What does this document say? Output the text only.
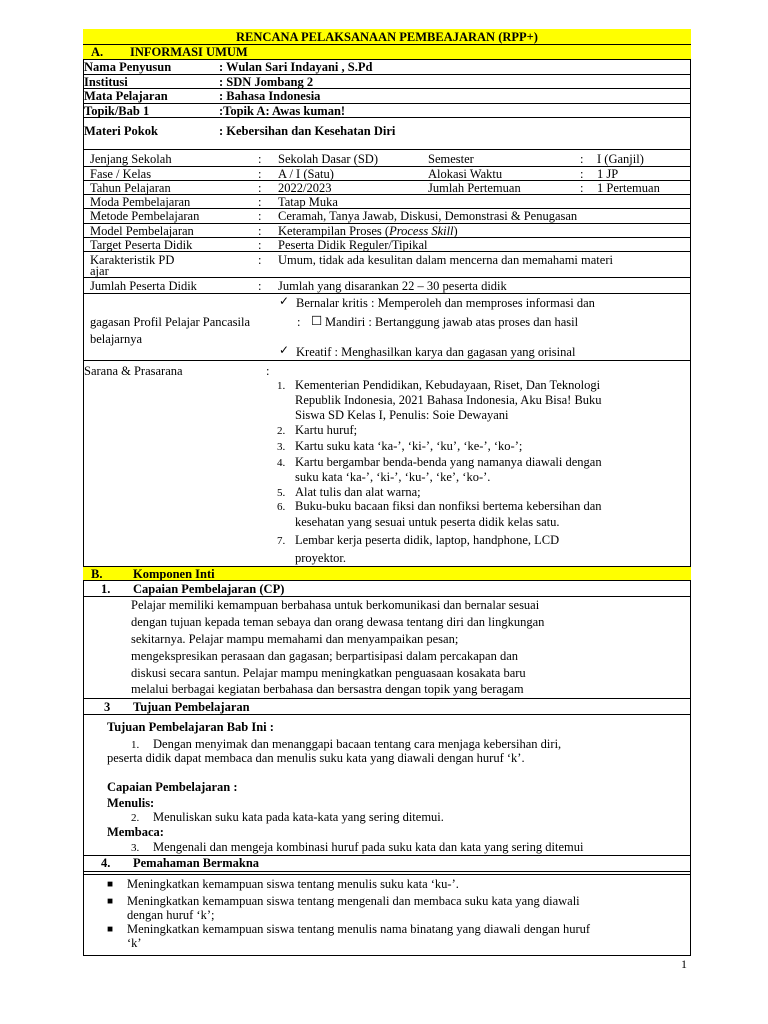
RENCANA PELAKSANAAN PEMBEAJARAN (RPP+)
A. INFORMASI UMUM
Nama Penyusun	: Wulan Sari Indayani , S.Pd
Institusi	: SDN Jombang 2
Mata Pelajaran	: Bahasa Indonesia
Topik/Bab 1	:Topik A: Awas kuman!
Materi Pokok	: Kebersihan dan Kesehatan Diri
Jenjang Sekolah	: Sekolah Dasar (SD)	Semester	: I (Ganjil)
Fase / Kelas	: A / I (Satu)	Alokasi Waktu	: 1 JP
Tahun Pelajaran	: 2022/2023	Jumlah Pertemuan	: 1 Pertemuan
Moda Pembelajaran	: Tatap Muka
Metode Pembelajaran	: Ceramah, Tanya Jawab, Diskusi, Demonstrasi & Penugasan
Model Pembelajaran	: Keterampilan Proses (Process Skill)
Target Peserta Didik	: Peserta Didik Reguler/Tipikal
Karakteristik PD
ajar
: Umum, tidak ada kesulitan dalam mencerna dan memahami materi
Jumlah Peserta Didik	: Jumlah yang disarankan 22 – 30 peserta didik
✓ Bernalar kritis : Memperoleh dan memproses informasi dan
gagasan Profil Pelajar Pancasila	: ☐ Mandiri : Bertanggung jawab atas proses dan hasil
belajarnya
✓ Kreatif : Menghasilkan karya dan gagasan yang orisinal
Sarana & Prasarana	:
1. Kementerian Pendidikan, Kebudayaan, Riset, Dan Teknologi
Republik Indonesia, 2021 Bahasa Indonesia, Aku Bisa! Buku
Siswa SD Kelas I, Penulis: Soie Dewayani
2. Kartu huruf;
3. Kartu suku kata ‘ka-’, ‘ki-’, ‘ku’, ‘ke-’, ‘ko-’;
4. Kartu bergambar benda-benda yang namanya diawali dengan
suku kata ‘ka-’, ‘ki-’, ‘ku-’, ‘ke’, ‘ko-’.
5. Alat tulis dan alat warna;
6. Buku-buku bacaan fiksi dan nonfiksi bertema kebersihan dan
kesehatan yang sesuai untuk peserta didik kelas satu.
7. Lembar kerja peserta didik, laptop, handphone, LCD
proyektor.
B. Komponen Inti
1. Capaian Pembelajaran (CP)
Pelajar memiliki kemampuan berbahasa untuk berkomunikasi dan bernalar sesuai
dengan tujuan kepada teman sebaya dan orang dewasa tentang diri dan lingkungan
sekitarnya. Pelajar mampu memahami dan menyampaikan pesan;
mengekspresikan perasaan dan gagasan; berpartisipasi dalam percakapan dan
diskusi secara santun. Pelajar mampu meningkatkan penguasaan kosakata baru
melalui berbagai kegiatan berbahasa dan bersastra dengan topik yang beragam
3 Tujuan Pembelajaran
Tujuan Pembelajaran Bab Ini :
1. Dengan menyimak dan menanggapi bacaan tentang cara menjaga kebersihan diri,
peserta didik dapat membaca dan menulis suku kata yang diawali dengan huruf ‘k’.
Capaian Pembelajaran :
Menulis:
2. Menuliskan suku kata pada kata-kata yang sering ditemui.
Membaca:
3. Mengenali dan mengeja kombinasi huruf pada suku kata dan kata yang sering ditemui
4. Pemahaman Bermakna
■ Meningkatkan kemampuan siswa tentang menulis suku kata ‘ku-’.
■ Meningkatkan kemampuan siswa tentang mengenali dan membaca suku kata yang diawali
dengan huruf ‘k’;
■ Meningkatkan kemampuan siswa tentang menulis nama binatang yang diawali dengan huruf
‘k’
1
